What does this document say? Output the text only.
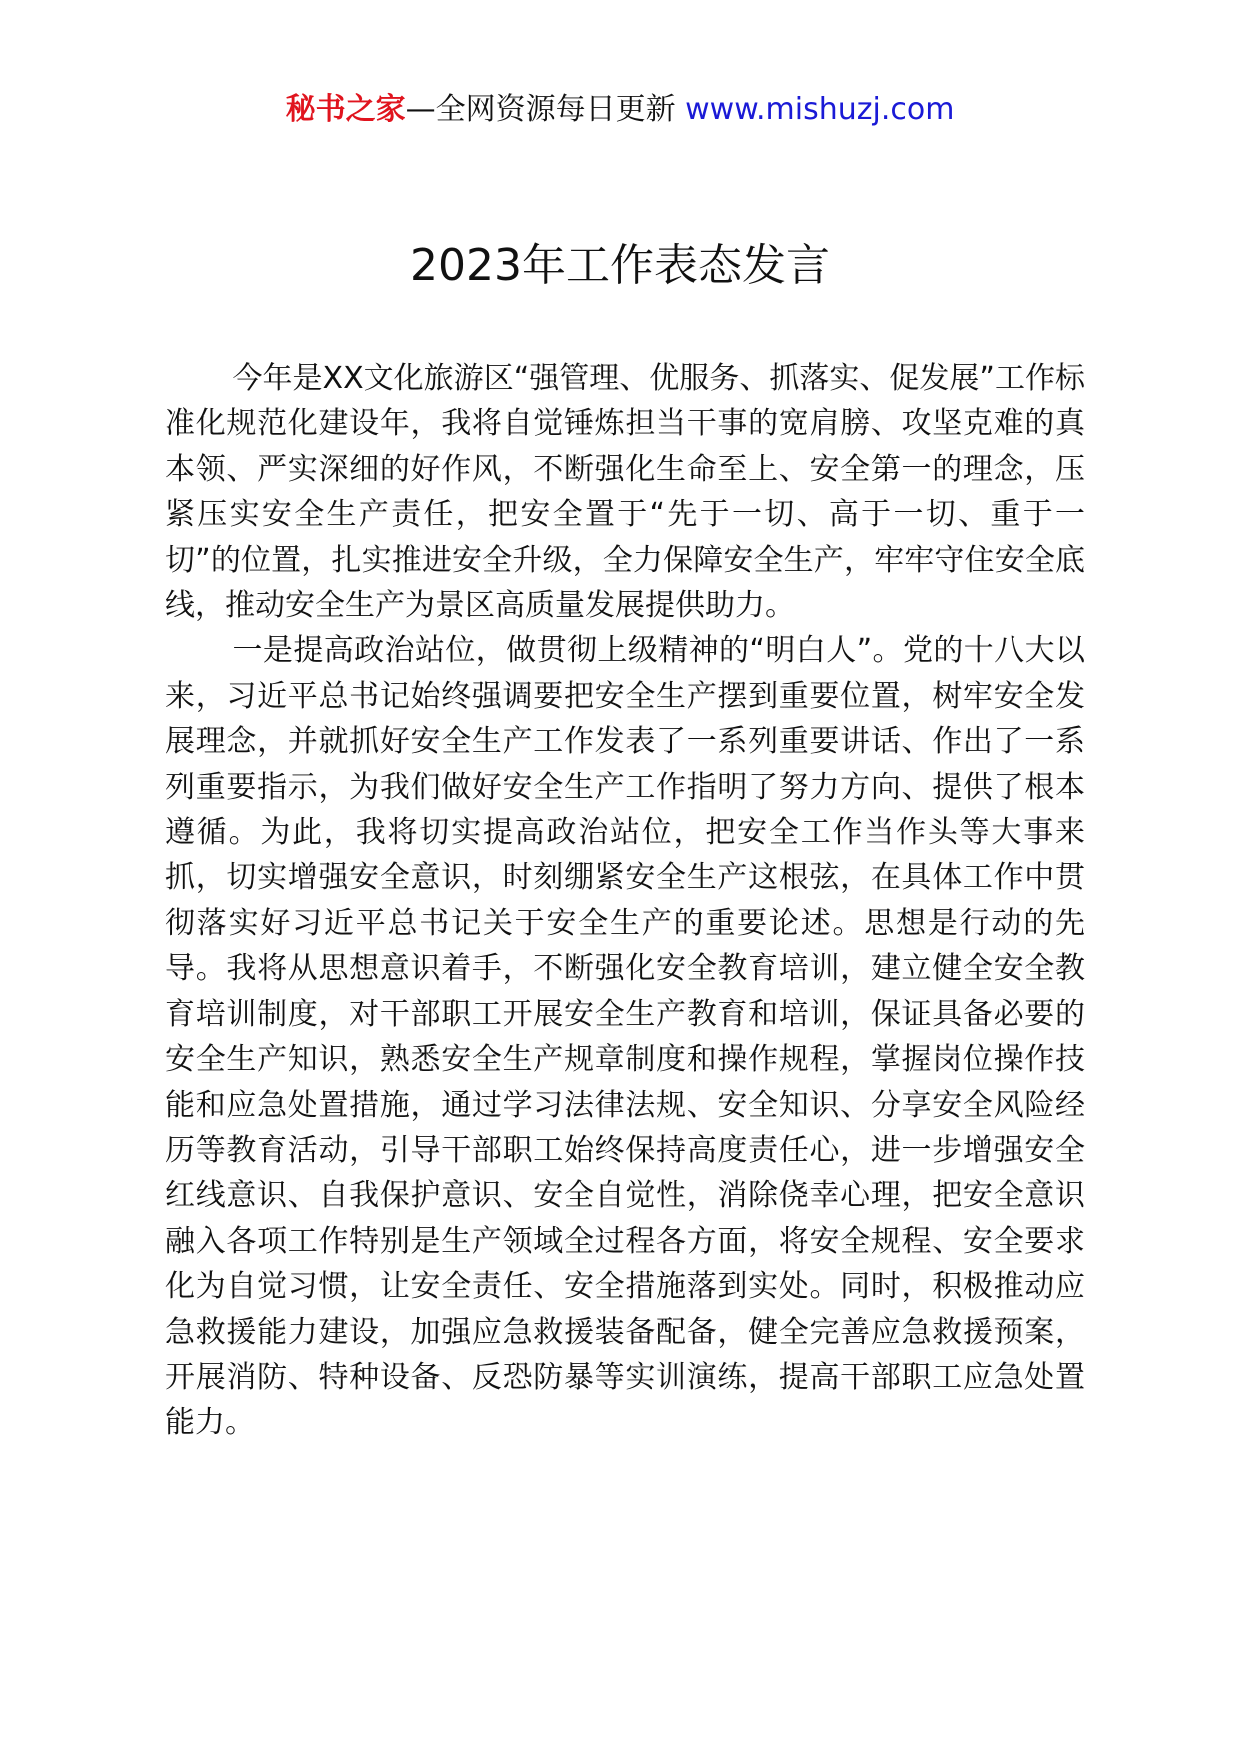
秘书之家—全网资源每日更新 www.mishuzj.com
2023年工作表态发言

今年是XX文化旅游区“强管理、优服务、抓落实、促发展”工作标准化规范化建设年，我将自觉锤炼担当干事的宽肩膀、攻坚克难的真本领、严实深细的好作风，不断强化生命至上、安全第一的理念，压紧压实安全生产责任，把安全置于“先于一切、高于一切、重于一切”的位置，扎实推进安全升级，全力保障安全生产，牢牢守住安全底线，推动安全生产为景区高质量发展提供助力。

一是提高政治站位，做贯彻上级精神的“明白人”。党的十八大以来，习近平总书记始终强调要把安全生产摆到重要位置，树牢安全发展理念，并就抓好安全生产工作发表了一系列重要讲话、作出了一系列重要指示，为我们做好安全生产工作指明了努力方向、提供了根本遵循。为此，我将切实提高政治站位，把安全工作当作头等大事来抓，切实增强安全意识，时刻绷紧安全生产这根弦，在具体工作中贯彻落实好习近平总书记关于安全生产的重要论述。思想是行动的先导。我将从思想意识着手，不断强化安全教育培训，建立健全安全教育培训制度，对干部职工开展安全生产教育和培训，保证具备必要的安全生产知识，熟悉安全生产规章制度和操作规程，掌握岗位操作技能和应急处置措施，通过学习法律法规、安全知识、分享安全风险经历等教育活动，引导干部职工始终保持高度责任心，进一步增强安全红线意识、自我保护意识、安全自觉性，消除侥幸心理，把安全意识融入各项工作特别是生产领域全过程各方面，将安全规程、安全要求化为自觉习惯，让安全责任、安全措施落到实处。同时，积极推动应急救援能力建设，加强应急救援装备配备，健全完善应急救援预案，开展消防、特种设备、反恐防暴等实训演练，提高干部职工应急处置能力。
